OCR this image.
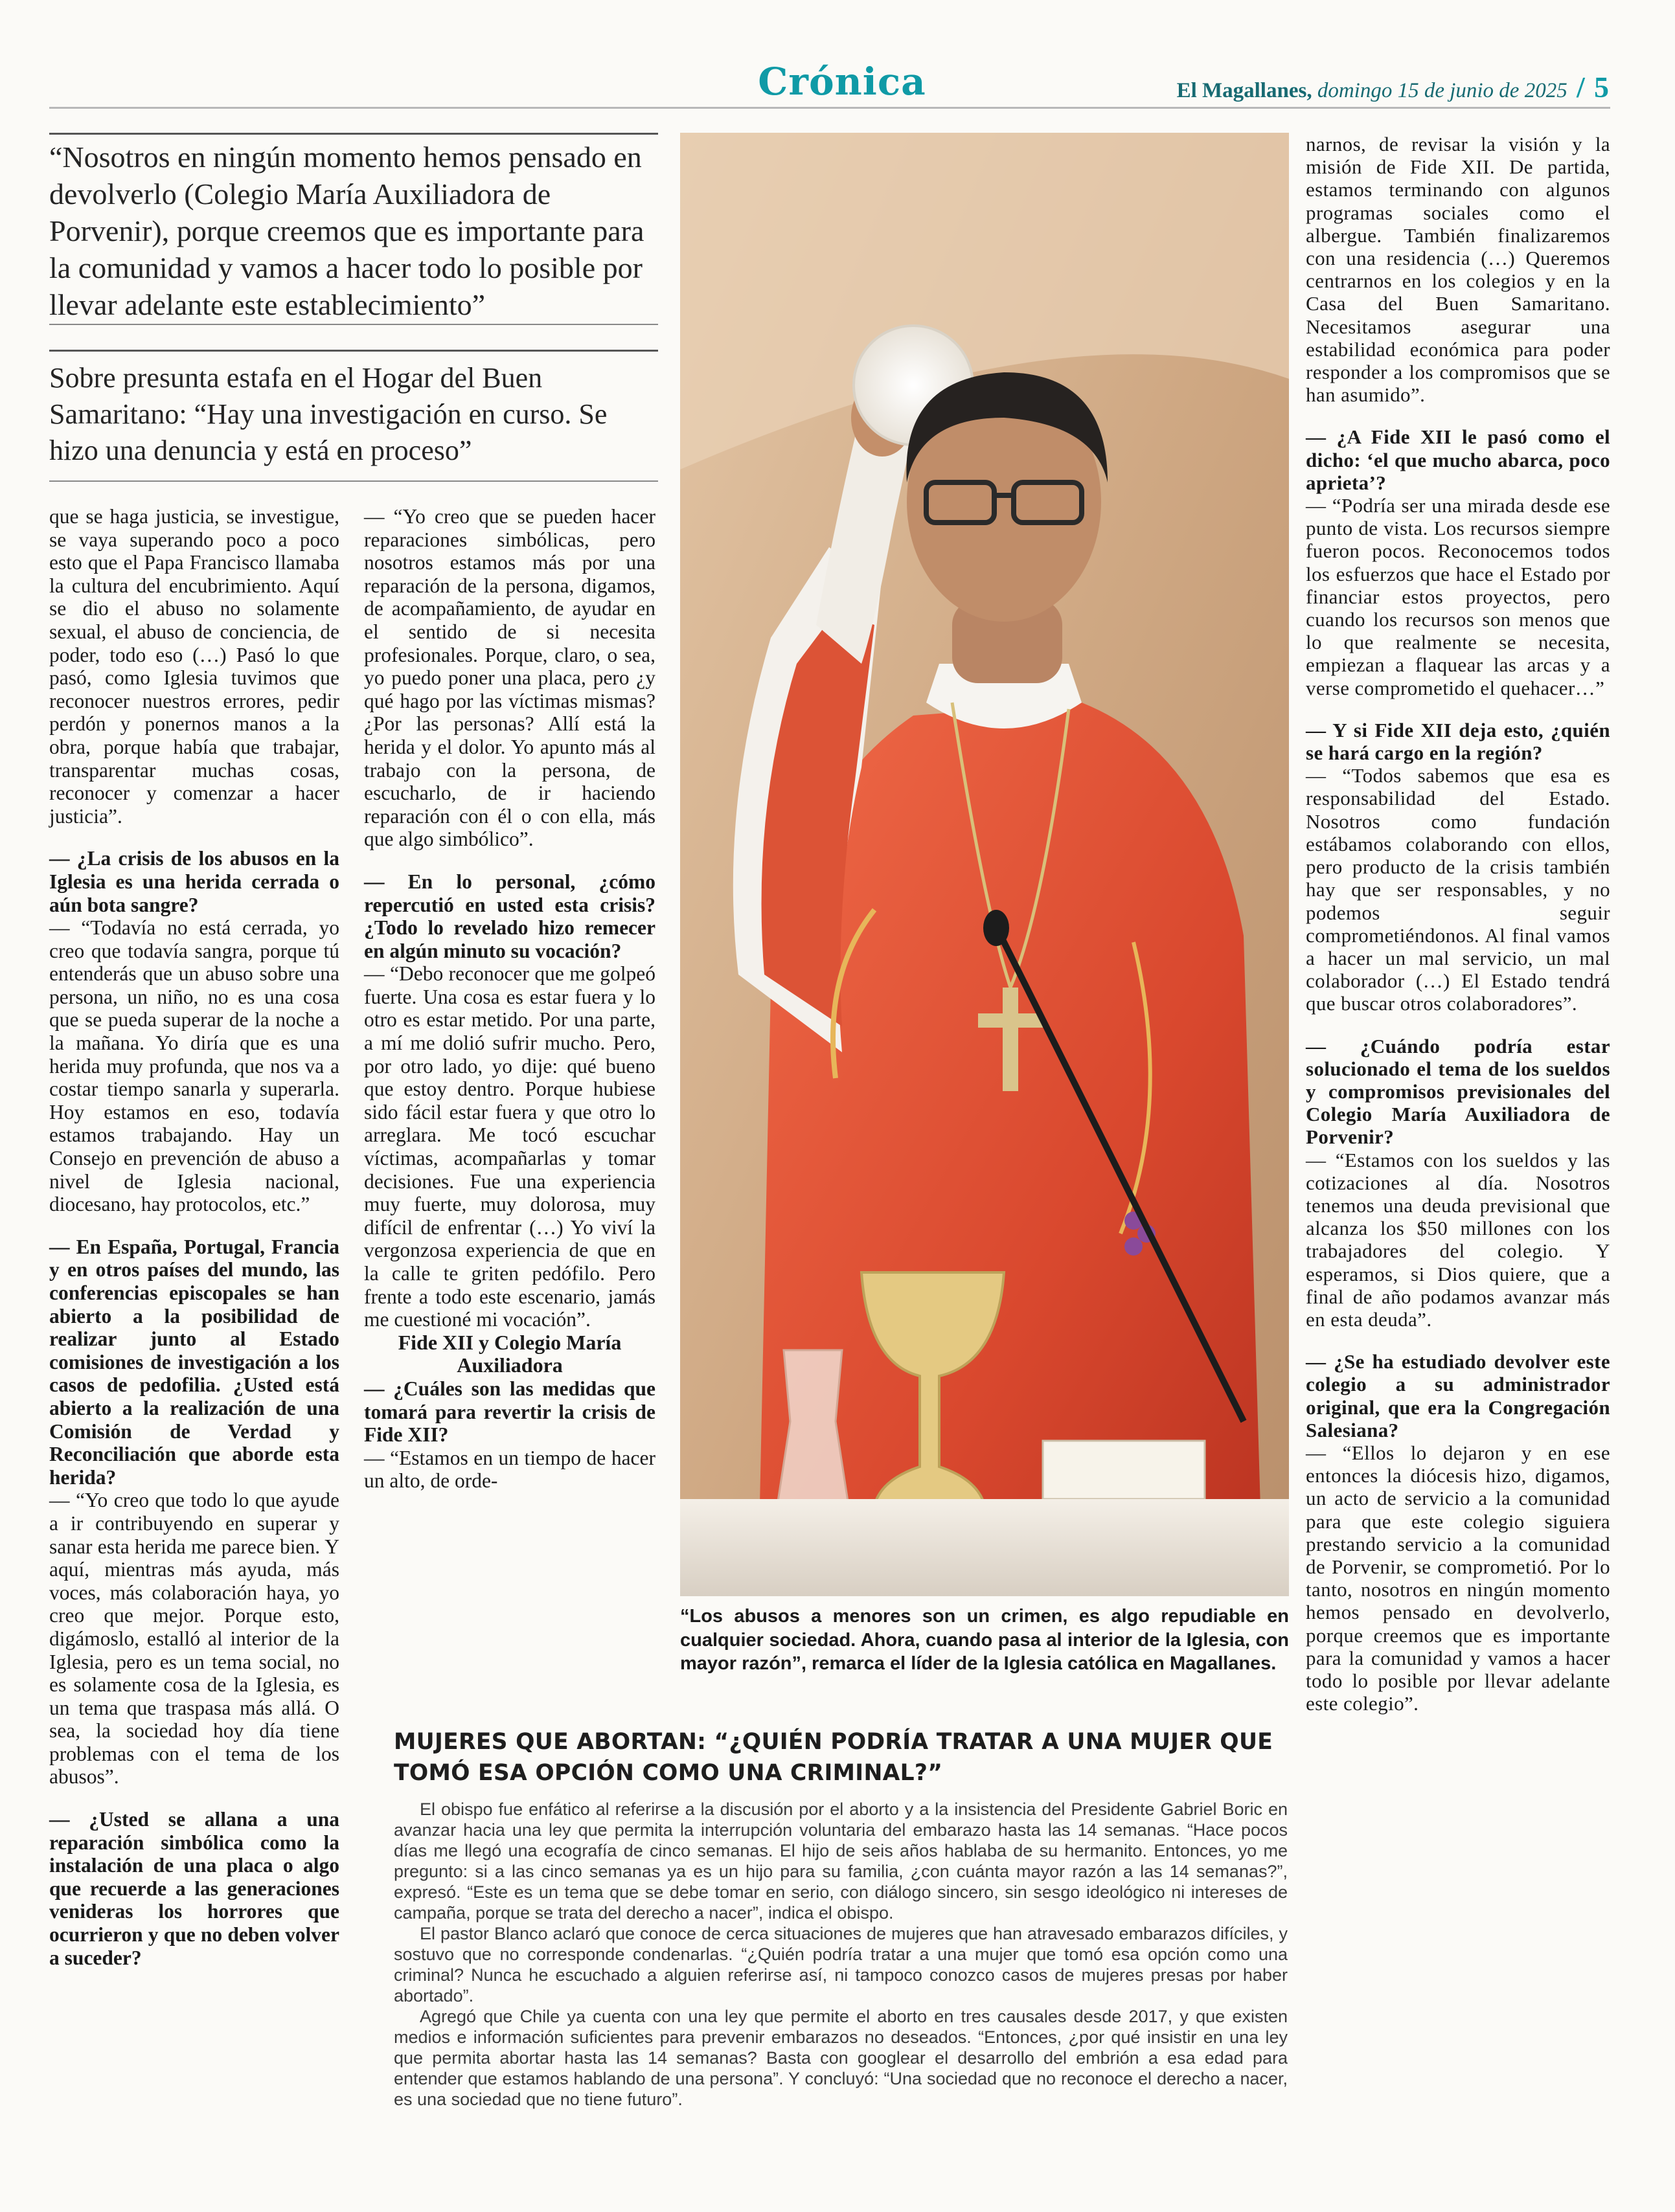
Crónica	El Magallanes, domingo 15 de junio de 2025 / 5
“Nosotros en ningún momento hemos pensado en devolverlo (Colegio María Auxiliadora de Porvenir), porque creemos que es importante para la comunidad y vamos a hacer todo lo posible por llevar adelante este establecimiento”
Sobre presunta estafa en el Hogar del Buen Samaritano: “Hay una investigación en curso. Se hizo una denuncia y está en proceso”

que se haga justicia, se investigue, se vaya superando poco a poco esto que el Papa Francisco llamaba la cultura del encubrimiento. Aquí se dio el abuso no solamente sexual, el abuso de conciencia, de poder, todo eso (…) Pasó lo que pasó, como Iglesia tuvimos que reconocer nuestros errores, pedir perdón y ponernos manos a la obra, porque había que trabajar, transparentar muchas cosas, reconocer y comenzar a hacer justicia”.

— ¿La crisis de los abusos en la Iglesia es una herida cerrada o aún bota sangre?

— “Todavía no está cerrada, yo creo que todavía sangra, porque tú entenderás que un abuso sobre una persona, un niño, no es una cosa que se pueda superar de la noche a la mañana. Yo diría que es una herida muy profunda, que nos va a costar tiempo sanarla y superarla. Hoy estamos en eso, todavía estamos trabajando. Hay un Consejo en prevención de abuso a nivel de Iglesia nacional, diocesano, hay protocolos, etc.”

— En España, Portugal, Francia y en otros países del mundo, las conferencias episcopales se han abierto a la posibilidad de realizar junto al Estado comisiones de investigación a los casos de pedofilia. ¿Usted está abierto a la realización de una Comisión de Verdad y Reconciliación que aborde esta herida?

— “Yo creo que todo lo que ayude a ir contribuyendo en superar y sanar esta herida me parece bien. Y aquí, mientras más ayuda, más voces, más colaboración haya, yo creo que mejor. Porque esto, digámoslo, estalló al interior de la Iglesia, pero es un tema social, no es solamente cosa de la Iglesia, es un tema que traspasa más allá. O sea, la sociedad hoy día tiene problemas con el tema de los abusos”.

— ¿Usted se allana a una reparación simbólica como la instalación de una placa o algo que recuerde a las generaciones venideras los horrores que ocurrieron y que no deben volver a suceder?

— “Yo creo que se pueden hacer reparaciones simbólicas, pero nosotros estamos más por una reparación de la persona, digamos, de acompañamiento, de ayudar en el sentido de si necesita profesionales. Porque, claro, o sea, yo puedo poner una placa, pero ¿y qué hago por las víctimas mismas? ¿Por las personas? Allí está la herida y el dolor. Yo apunto más al trabajo con la persona, de escucharlo, de ir haciendo reparación con él o con ella, más que algo simbólico”.

— En lo personal, ¿cómo repercutió en usted esta crisis? ¿Todo lo revelado hizo remecer en algún minuto su vocación?

— “Debo reconocer que me golpeó fuerte. Una cosa es estar fuera y lo otro es estar metido. Por una parte, a mí me dolió sufrir mucho. Pero, por otro lado, yo dije: qué bueno que estoy dentro. Porque hubiese sido fácil estar fuera y que otro lo arreglara. Me tocó escuchar víctimas, acompañarlas y tomar decisiones. Fue una experiencia muy fuerte, muy dolorosa, muy difícil de enfrentar (…) Yo viví la vergonzosa experiencia de que en la calle te griten pedófilo. Pero frente a todo este escenario, jamás me cuestioné mi vocación”.

Fide XII y Colegio María Auxiliadora

— ¿Cuáles son las medidas que tomará para revertir la crisis de Fide XII?

— “Estamos en un tiempo de hacer un alto, de orde-

narnos, de revisar la visión y la misión de Fide XII. De partida, estamos terminando con algunos programas sociales como el albergue. También finalizaremos con una residencia (…) Queremos centrarnos en los colegios y en la Casa del Buen Samaritano. Necesitamos asegurar una estabilidad económica para poder responder a los compromisos que se han asumido”.

— ¿A Fide XII le pasó como el dicho: ‘el que mucho abarca, poco aprieta’?

— “Podría ser una mirada desde ese punto de vista. Los recursos siempre fueron pocos. Reconocemos todos los esfuerzos que hace el Estado por financiar estos proyectos, pero cuando los recursos son menos que lo que realmente se necesita, empiezan a flaquear las arcas y a verse comprometido el quehacer…”

— Y si Fide XII deja esto, ¿quién se hará cargo en la región?

— “Todos sabemos que esa es responsabilidad del Estado. Nosotros como fundación estábamos colaborando con ellos, pero producto de la crisis también hay que ser responsables, y no podemos seguir comprometiéndonos. Al final vamos a hacer un mal servicio, un mal colaborador (…) El Estado tendrá que buscar otros colaboradores”.

— ¿Cuándo podría estar solucionado el tema de los sueldos y compromisos previsionales del Colegio María Auxiliadora de Porvenir?

— “Estamos con los sueldos y las cotizaciones al día. Nosotros tenemos una deuda previsional que alcanza los $50 millones con los trabajadores del colegio. Y esperamos, si Dios quiere, que a final de año podamos avanzar más en esta deuda”.

— ¿Se ha estudiado devolver este colegio a su administrador original, que era la Congregación Salesiana?

— “Ellos lo dejaron y en ese entonces la diócesis hizo, digamos, un acto de servicio a la comunidad para que este colegio siguiera prestando servicio a la comunidad de Porvenir, se comprometió. Por lo tanto, nosotros en ningún momento hemos pensado en devolverlo, porque creemos que es importante para la comunidad y vamos a hacer todo lo posible por llevar adelante este colegio”.

“Los abusos a menores son un crimen, es algo repudiable en cualquier sociedad. Ahora, cuando pasa al interior de la Iglesia, con mayor razón”, remarca el líder de la Iglesia católica en Magallanes.
MUJERES QUE ABORTAN: “¿QUIÉN PODRÍA TRATAR A UNA MUJER QUE TOMÓ ESA OPCIÓN COMO UNA CRIMINAL?”

El obispo fue enfático al referirse a la discusión por el aborto y a la insistencia del Presidente Gabriel Boric en avanzar hacia una ley que permita la interrupción voluntaria del embarazo hasta las 14 semanas. “Hace pocos días me llegó una ecografía de cinco semanas. El hijo de seis años hablaba de su hermanito. Entonces, yo me pregunto: si a las cinco semanas ya es un hijo para su familia, ¿con cuánta mayor razón a las 14 semanas?”, expresó. “Este es un tema que se debe tomar en serio, con diálogo sincero, sin sesgo ideológico ni intereses de campaña, porque se trata del derecho a nacer”, indica el obispo.

El pastor Blanco aclaró que conoce de cerca situaciones de mujeres que han atravesado embarazos difíciles, y sostuvo que no corresponde condenarlas. “¿Quién podría tratar a una mujer que tomó esa opción como una criminal? Nunca he escuchado a alguien referirse así, ni tampoco conozco casos de mujeres presas por haber abortado”.

Agregó que Chile ya cuenta con una ley que permite el aborto en tres causales desde 2017, y que existen medios e información suficientes para prevenir embarazos no deseados. “Entonces, ¿por qué insistir en una ley que permita abortar hasta las 14 semanas? Basta con googlear el desarrollo del embrión a esa edad para entender que estamos hablando de una persona”. Y concluyó: “Una sociedad que no reconoce el derecho a nacer, es una sociedad que no tiene futuro”.
